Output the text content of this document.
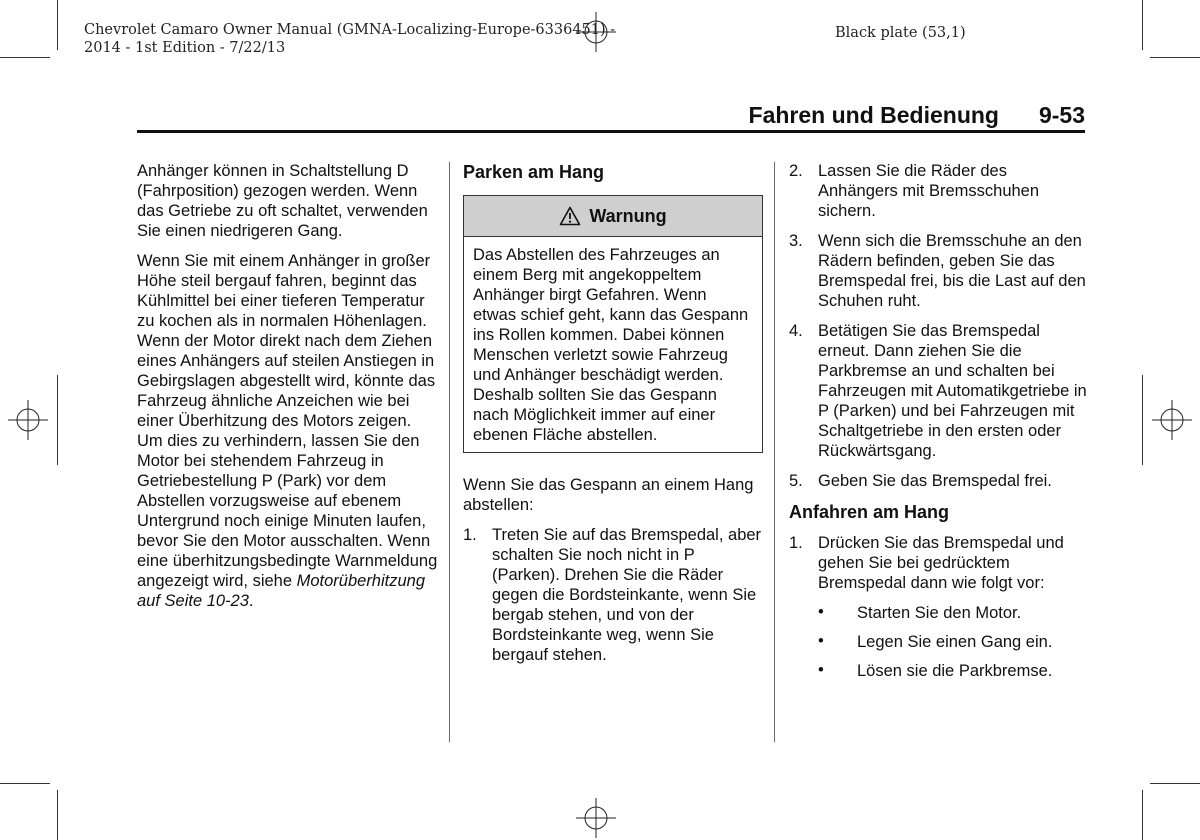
Chevrolet Camaro Owner Manual (GMNA-Localizing-Europe-6336451) -
2014 - 1st Edition - 7/22/13
Black plate (53,1)
Fahren und Bedienung 9-53

Anhänger können in Schaltstellung D (Fahrposition) gezogen werden. Wenn das Getriebe zu oft schaltet, verwenden Sie einen niedrigeren Gang.

Wenn Sie mit einem Anhänger in großer Höhe steil bergauf fahren, beginnt das Kühlmittel bei einer tieferen Temperatur zu kochen als in normalen Höhenlagen. Wenn der Motor direkt nach dem Ziehen eines Anhängers auf steilen Anstiegen in Gebirgslagen abgestellt wird, könnte das Fahrzeug ähnliche Anzeichen wie bei einer Überhitzung des Motors zeigen. Um dies zu verhindern, lassen Sie den Motor bei stehendem Fahrzeug in Getriebestellung P (Park) vor dem Abstellen vorzugsweise auf ebenem Untergrund noch einige Minuten laufen, bevor Sie den Motor ausschalten. Wenn eine überhitzungsbedingte Warnmeldung angezeigt wird, siehe Motorüberhitzung auf Seite 10-23.

Parken am Hang
Warnung
Das Abstellen des Fahrzeuges an einem Berg mit angekoppeltem Anhänger birgt Gefahren. Wenn etwas schief geht, kann das Gespann ins Rollen kommen. Dabei können Menschen verletzt sowie Fahrzeug und Anhänger beschädigt werden. Deshalb sollten Sie das Gespann nach Möglichkeit immer auf einer ebenen Fläche abstellen.

Wenn Sie das Gespann an einem Hang abstellen:

1. Treten Sie auf das Bremspedal, aber schalten Sie noch nicht in P (Parken). Drehen Sie die Räder gegen die Bordsteinkante, wenn Sie bergab stehen, und von der Bordsteinkante weg, wenn Sie bergauf stehen.
2. Lassen Sie die Räder des Anhängers mit Bremsschuhen sichern.
3. Wenn sich die Bremsschuhe an den Rädern befinden, geben Sie das Bremspedal frei, bis die Last auf den Schuhen ruht.
4. Betätigen Sie das Bremspedal erneut. Dann ziehen Sie die Parkbremse an und schalten bei Fahrzeugen mit Automatikgetriebe in P (Parken) und bei Fahrzeugen mit Schaltgetriebe in den ersten oder Rückwärtsgang.
5. Geben Sie das Bremspedal frei.
Anfahren am Hang
1. Drücken Sie das Bremspedal und gehen Sie bei gedrücktem Bremspedal dann wie folgt vor:
• Starten Sie den Motor.
• Legen Sie einen Gang ein.
• Lösen sie die Parkbremse.
